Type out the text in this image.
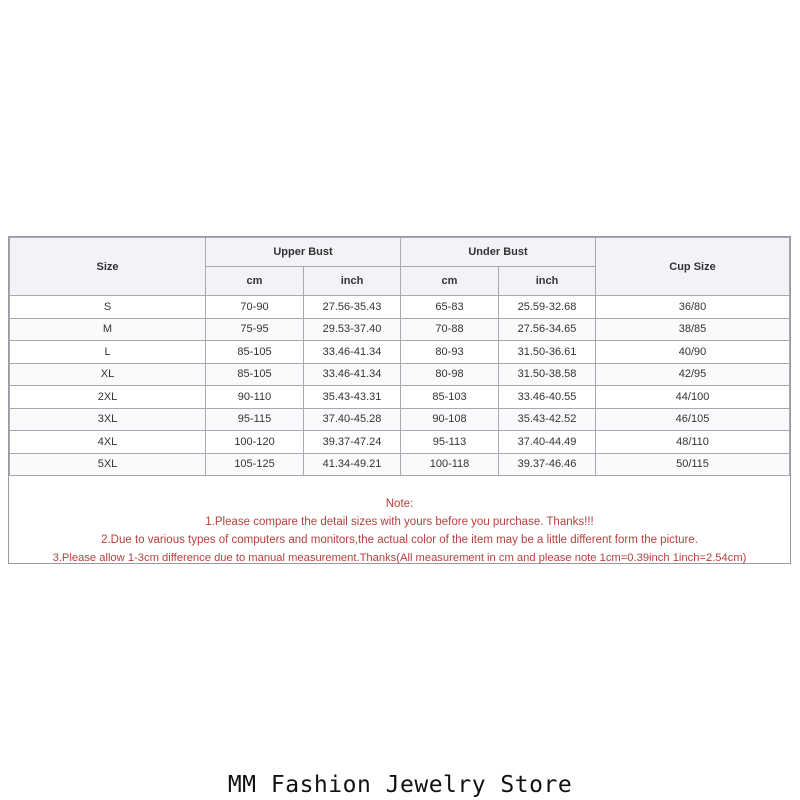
Size	Upper Bust		Under Bust		Cup Size
	cm	inch	cm	inch	
S	70-90	27.56-35.43	65-83	25.59-32.68	36/80
M	75-95	29.53-37.40	70-88	27.56-34.65	38/85
L	85-105	33.46-41.34	80-93	31.50-36.61	40/90
XL	85-105	33.46-41.34	80-98	31.50-38.58	42/95
2XL	90-110	35.43-43.31	85-103	33.46-40.55	44/100
3XL	95-115	37.40-45.28	90-108	35.43-42.52	46/105
4XL	100-120	39.37-47.24	95-113	37.40-44.49	48/110
5XL	105-125	41.34-49.21	100-118	39.37-46.46	50/115
Note:
1.Please compare the detail sizes with yours before you purchase. Thanks!!!
2.Due to various types of computers and monitors,the actual color of the item may be a little different form the picture.
3.Please allow 1-3cm difference due to manual measurement.Thanks(All measurement in cm and please note 1cm=0.39inch 1inch=2.54cm)
MM Fashion Jewelry Store
